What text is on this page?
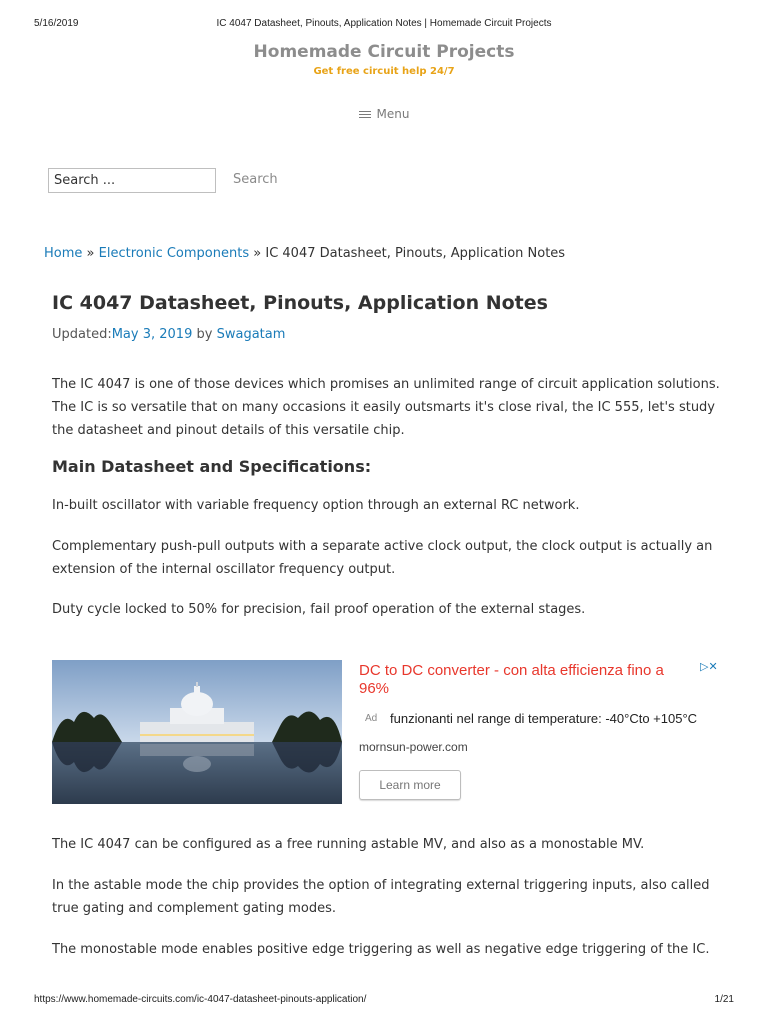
5/16/2019	IC 4047 Datasheet, Pinouts, Application Notes | Homemade Circuit Projects
Homemade Circuit Projects
Get free circuit help 24/7
Menu
Search ...
Search
Home » Electronic Components » IC 4047 Datasheet, Pinouts, Application Notes
IC 4047 Datasheet, Pinouts, Application Notes
Updated:May 3, 2019 by Swagatam

The IC 4047 is one of those devices which promises an unlimited range of circuit application solutions. The IC is so versatile that on many occasions it easily outsmarts it's close rival, the IC 555, let's study the datasheet and pinout details of this versatile chip.

Main Datasheet and Specifications:

In-built oscillator with variable frequency option through an external RC network.

Complementary push-pull outputs with a separate active clock output, the clock output is actually an extension of the internal oscillator frequency output.

Duty cycle locked to 50% for precision, fail proof operation of the external stages.

The IC 4047 can be configured as a free running astable MV, and also as a monostable MV.

In the astable mode the chip provides the option of integrating external triggering inputs, also called true gating and complement gating modes.

The monostable mode enables positive edge triggering as well as negative edge triggering of the IC.

DC to DC converter - con alta efficienza fino a 96%
▷✕
Ad funzionanti nel range di temperature: -40°Cto +105°C
mornsun-power.com
Learn more
https://www.homemade-circuits.com/ic-4047-datasheet-pinouts-application/	1/21
